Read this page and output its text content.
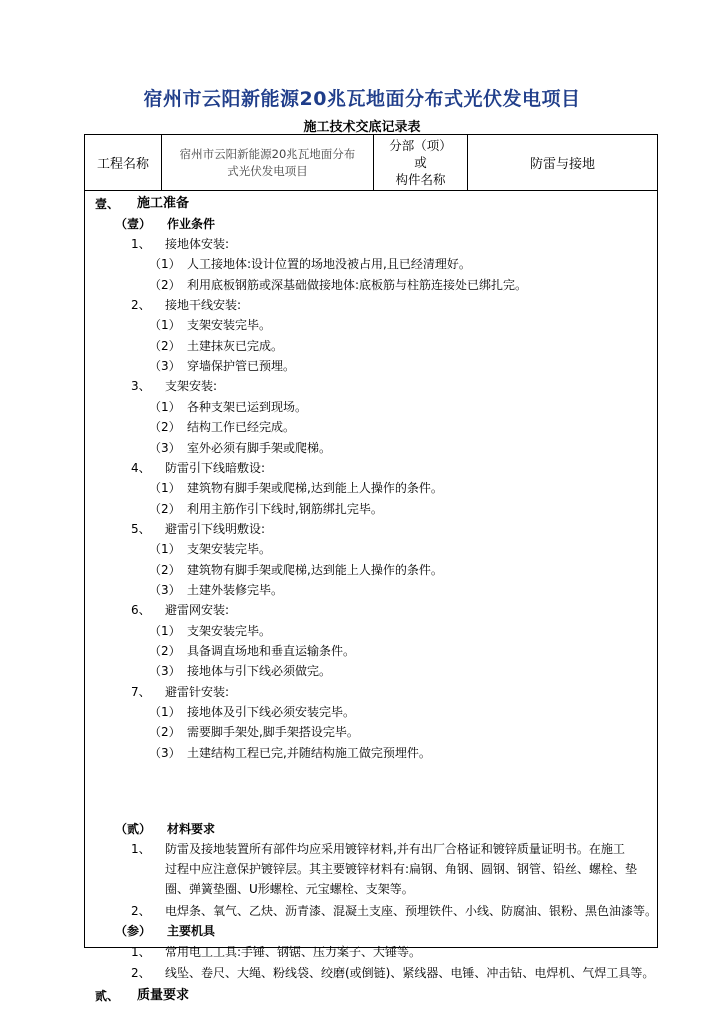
宿州市云阳新能源20兆瓦地面分布式光伏发电项目
施工技术交底记录表
工程名称
宿州市云阳新能源20兆瓦地面分布
式光伏发电项目
分部（项）
或
构件名称
防雷与接地
壹、 施工准备
（壹） 作业条件
1、 接地体安装:
（1） 人工接地体:设计位置的场地没被占用,且已经清理好。
（2） 利用底板钢筋或深基础做接地体:底板筋与柱筋连接处已绑扎完。
2、 接地干线安装:
（1） 支架安装完毕。
（2） 土建抹灰已完成。
（3） 穿墙保护管已预埋。
3、 支架安装:
（1） 各种支架已运到现场。
（2） 结构工作已经完成。
（3） 室外必须有脚手架或爬梯。
4、 防雷引下线暗敷设:
（1） 建筑物有脚手架或爬梯,达到能上人操作的条件。
（2） 利用主筋作引下线时,钢筋绑扎完毕。
5、 避雷引下线明敷设:
（1） 支架安装完毕。
（2） 建筑物有脚手架或爬梯,达到能上人操作的条件。
（3） 土建外装修完毕。
6、 避雷网安装:
（1） 支架安装完毕。
（2） 具备调直场地和垂直运输条件。
（3） 接地体与引下线必须做完。
7、 避雷针安装:
（1） 接地体及引下线必须安装完毕。
（2） 需要脚手架处,脚手架搭设完毕。
（3） 土建结构工程已完,并随结构施工做完预埋件。
（贰） 材料要求
1、 防雷及接地装置所有部件均应采用镀锌材料,并有出厂合格证和镀锌质量证明书。在施工
过程中应注意保护镀锌层。其主要镀锌材料有:扁钢、角钢、圆钢、钢管、铅丝、螺栓、垫
圈、弹簧垫圈、U形螺栓、元宝螺栓、支架等。
2、 电焊条、氧气、乙炔、沥青漆、混凝土支座、预埋铁件、小线、防腐油、银粉、黑色油漆等。
（参） 主要机具
1、 常用电工工具:手锤、钢锯、压力案子、大锤等。
2、 线坠、卷尺、大绳、粉线袋、绞磨(或倒链)、紧线器、电锤、冲击钻、电焊机、气焊工具等。
贰、 质量要求
